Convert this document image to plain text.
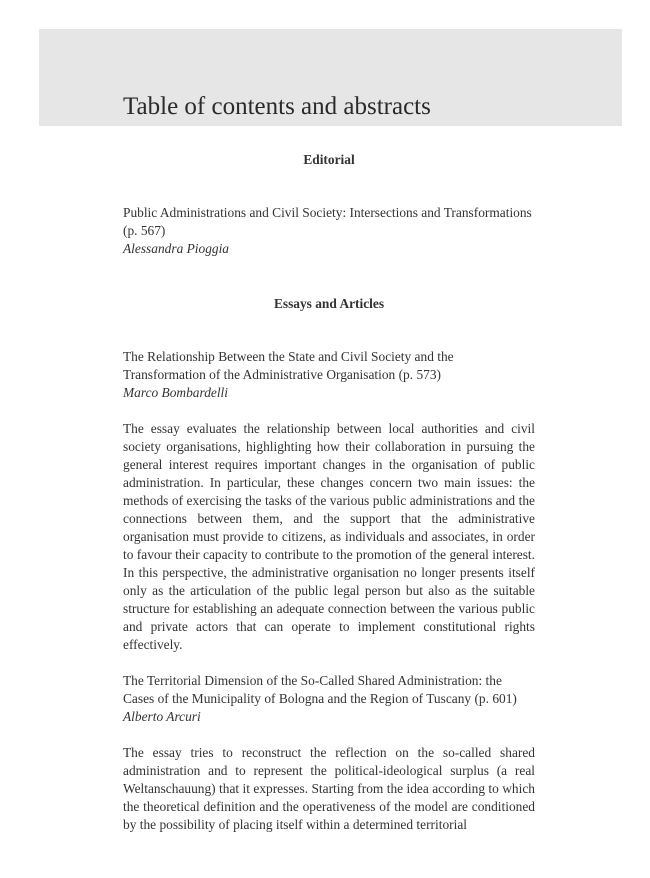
Table of contents and abstracts

Editorial

Public Administrations and Civil Society: Intersections and Transformations (p. 567)

Alessandra Pioggia

Essays and Articles

The Relationship Between the State and Civil Society and the Transformation of the Administrative Organisation (p. 573)

Marco Bombardelli

The essay evaluates the relationship between local authorities and civil society organisations, highlighting how their collaboration in pursuing the general interest requires important changes in the organisation of public administration. In particular, these changes concern two main issues: the methods of exercising the tasks of the various public administrations and the connections between them, and the support that the administrative organisation must provide to citizens, as individuals and associates, in order to favour their capacity to contribute to the promotion of the general interest. In this perspective, the administrative organisation no longer presents itself only as the articulation of the public legal person but also as the suitable structure for establishing an adequate connection between the various public and private actors that can operate to implement constitutional rights effectively.

The Territorial Dimension of the So-Called Shared Administration: the Cases of the Municipality of Bologna and the Region of Tuscany (p. 601)

Alberto Arcuri

The essay tries to reconstruct the reflection on the so-called shared administration and to represent the political-ideological surplus (a real Weltanschauung) that it expresses. Starting from the idea according to which the theoretical definition and the operativeness of the model are conditioned by the possibility of placing itself within a determined territorial
